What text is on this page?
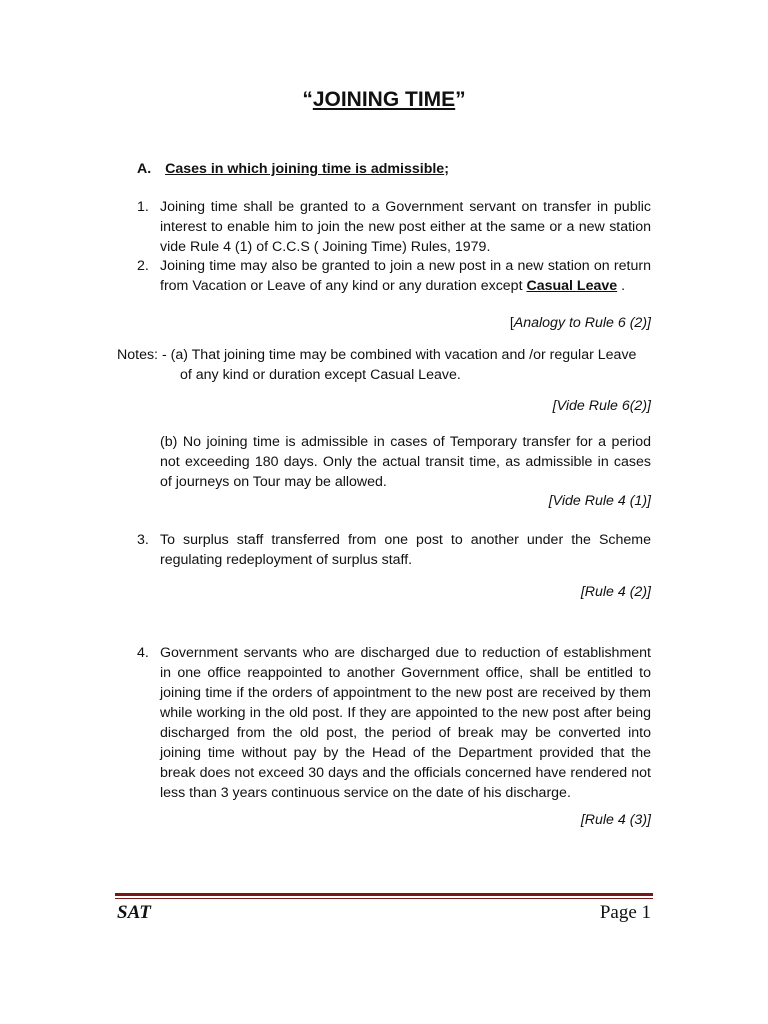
“JOINING TIME”
A. Cases in which joining time is admissible;
1. Joining time shall be granted to a Government servant on transfer in public interest to enable him to join the new post either at the same or a new station vide Rule 4 (1) of C.C.S ( Joining Time) Rules, 1979.
2. Joining time may also be granted to join a new post in a new station on return from Vacation or Leave of any kind or any duration except Casual Leave .
[Analogy to Rule 6 (2)]
Notes: - (a) That joining time may be combined with vacation and /or regular Leave
of any kind or duration except Casual Leave.
[Vide Rule 6(2)]
(b) No joining time is admissible in cases of Temporary transfer for a period not exceeding 180 days. Only the actual transit time, as admissible in cases of journeys on Tour may be allowed.
[Vide Rule 4 (1)]
3. To surplus staff transferred from one post to another under the Scheme regulating redeployment of surplus staff.
[Rule 4 (2)]
4. Government servants who are discharged due to reduction of establishment in one office reappointed to another Government office, shall be entitled to joining time if the orders of appointment to the new post are received by them while working in the old post. If they are appointed to the new post after being discharged from the old post, the period of break may be converted into joining time without pay by the Head of the Department provided that the break does not exceed 30 days and the officials concerned have rendered not less than 3 years continuous service on the date of his discharge.
[Rule 4 (3)]
SAT	Page 1
